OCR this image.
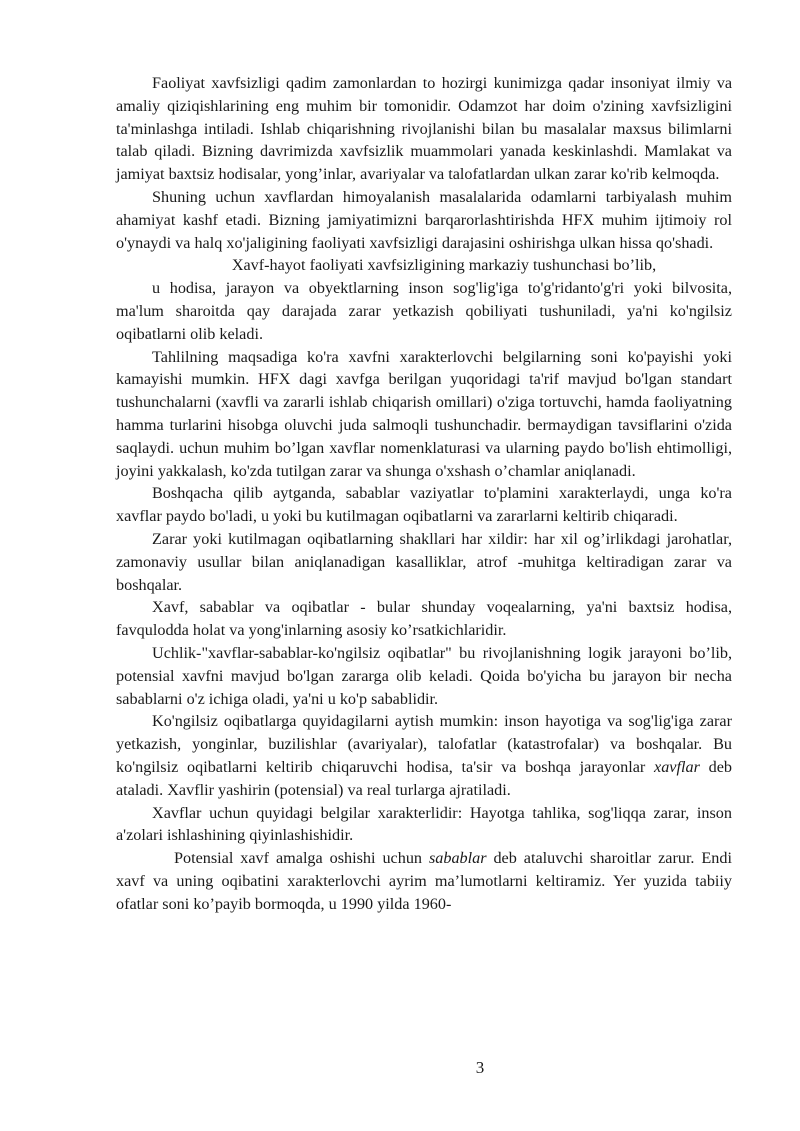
Faoliyat xavfsizligi qadim zamonlardan to hozirgi kunimizga qadar insoniyat ilmiy va amaliy qiziqishlarining eng muhim bir tomonidir. Odamzot har doim o'zining xavfsizligini ta'minlashga intiladi. Ishlab chiqarishning rivojlanishi bilan bu masalalar maxsus bilimlarni talab qiladi. Bizning davrimizda xavfsizlik muammolari yanada keskinlashdi. Mamlakat va jamiyat baxtsiz hodisalar, yong’inlar, avariyalar va talofatlardan ulkan zarar ko'rib kelmoqda.

Shuning uchun xavflardan himoyalanish masalalarida odamlarni tarbiyalash muhim ahamiyat kashf etadi. Bizning jamiyatimizni barqarorlashtirishda HFX muhim ijtimoiy rol o'ynaydi va halq xo'jaligining faoliyati xavfsizligi darajasini oshirishga ulkan hissa qo'shadi.

Xavf-hayot faoliyati xavfsizligining markaziy tushunchasi bo’lib,

u hodisa, jarayon va obyektlarning inson sog'lig'iga to'g'ridanto'g'ri yoki bilvosita, ma'lum sharoitda qay darajada zarar yetkazish qobiliyati tushuniladi, ya'ni ko'ngilsiz oqibatlarni olib keladi.

Tahlilning maqsadiga ko'ra xavfni xarakterlovchi belgilarning soni ko'payishi yoki kamayishi mumkin. HFX dagi xavfga berilgan yuqoridagi ta'rif mavjud bo'lgan standart tushunchalarni (xavfli va zararli ishlab chiqarish omillari) o'ziga tortuvchi, hamda faoliyatning hamma turlarini hisobga oluvchi juda salmoqli tushunchadir. bermaydigan tavsiflarini o'zida saqlaydi. uchun muhim bo’lgan xavflar nomenklaturasi va ularning paydo bo'lish ehtimolligi, joyini yakkalash, ko'zda tutilgan zarar va shunga o'xshash o’chamlar aniqlanadi.

Boshqacha qilib aytganda, sabablar vaziyatlar to'plamini xarakterlaydi, unga ko'ra xavflar paydo bo'ladi, u yoki bu kutilmagan oqibatlarni va zararlarni keltirib chiqaradi.

Zarar yoki kutilmagan oqibatlarning shakllari har xildir: har xil og’irlikdagi jarohatlar, zamonaviy usullar bilan aniqlanadigan kasalliklar, atrof -muhitga keltiradigan zarar va boshqalar.

Xavf, sabablar va oqibatlar - bular shunday voqealarning, ya'ni baxtsiz hodisa, favqulodda holat va yong'inlarning asosiy ko’rsatkichlaridir.

Uchlik-"xavflar-sabablar-ko'ngilsiz oqibatlar" bu rivojlanishning logik jarayoni bo’lib, potensial xavfni mavjud bo'lgan zararga olib keladi. Qoida bo'yicha bu jarayon bir necha sabablarni o'z ichiga oladi, ya'ni u ko'p sabablidir.

Ko'ngilsiz oqibatlarga quyidagilarni aytish mumkin: inson hayotiga va sog'lig'iga zarar yetkazish, yonginlar, buzilishlar (avariyalar), talofatlar (katastrofalar) va boshqalar. Bu ko'ngilsiz oqibatlarni keltirib chiqaruvchi hodisa, ta'sir va boshqa jarayonlar xavflar deb ataladi. Xavflir yashirin (potensial) va real turlarga ajratiladi.

Xavflar uchun quyidagi belgilar xarakterlidir: Hayotga tahlika, sog'liqqa zarar, inson a'zolari ishlashining qiyinlashishidir.

Potensial xavf amalga oshishi uchun sabablar deb ataluvchi sharoitlar zarur. Endi xavf va uning oqibatini xarakterlovchi ayrim ma’lumotlarni keltiramiz. Yer yuzida tabiiy ofatlar soni ko’payib bormoqda, u 1990 yilda 1960-

3
